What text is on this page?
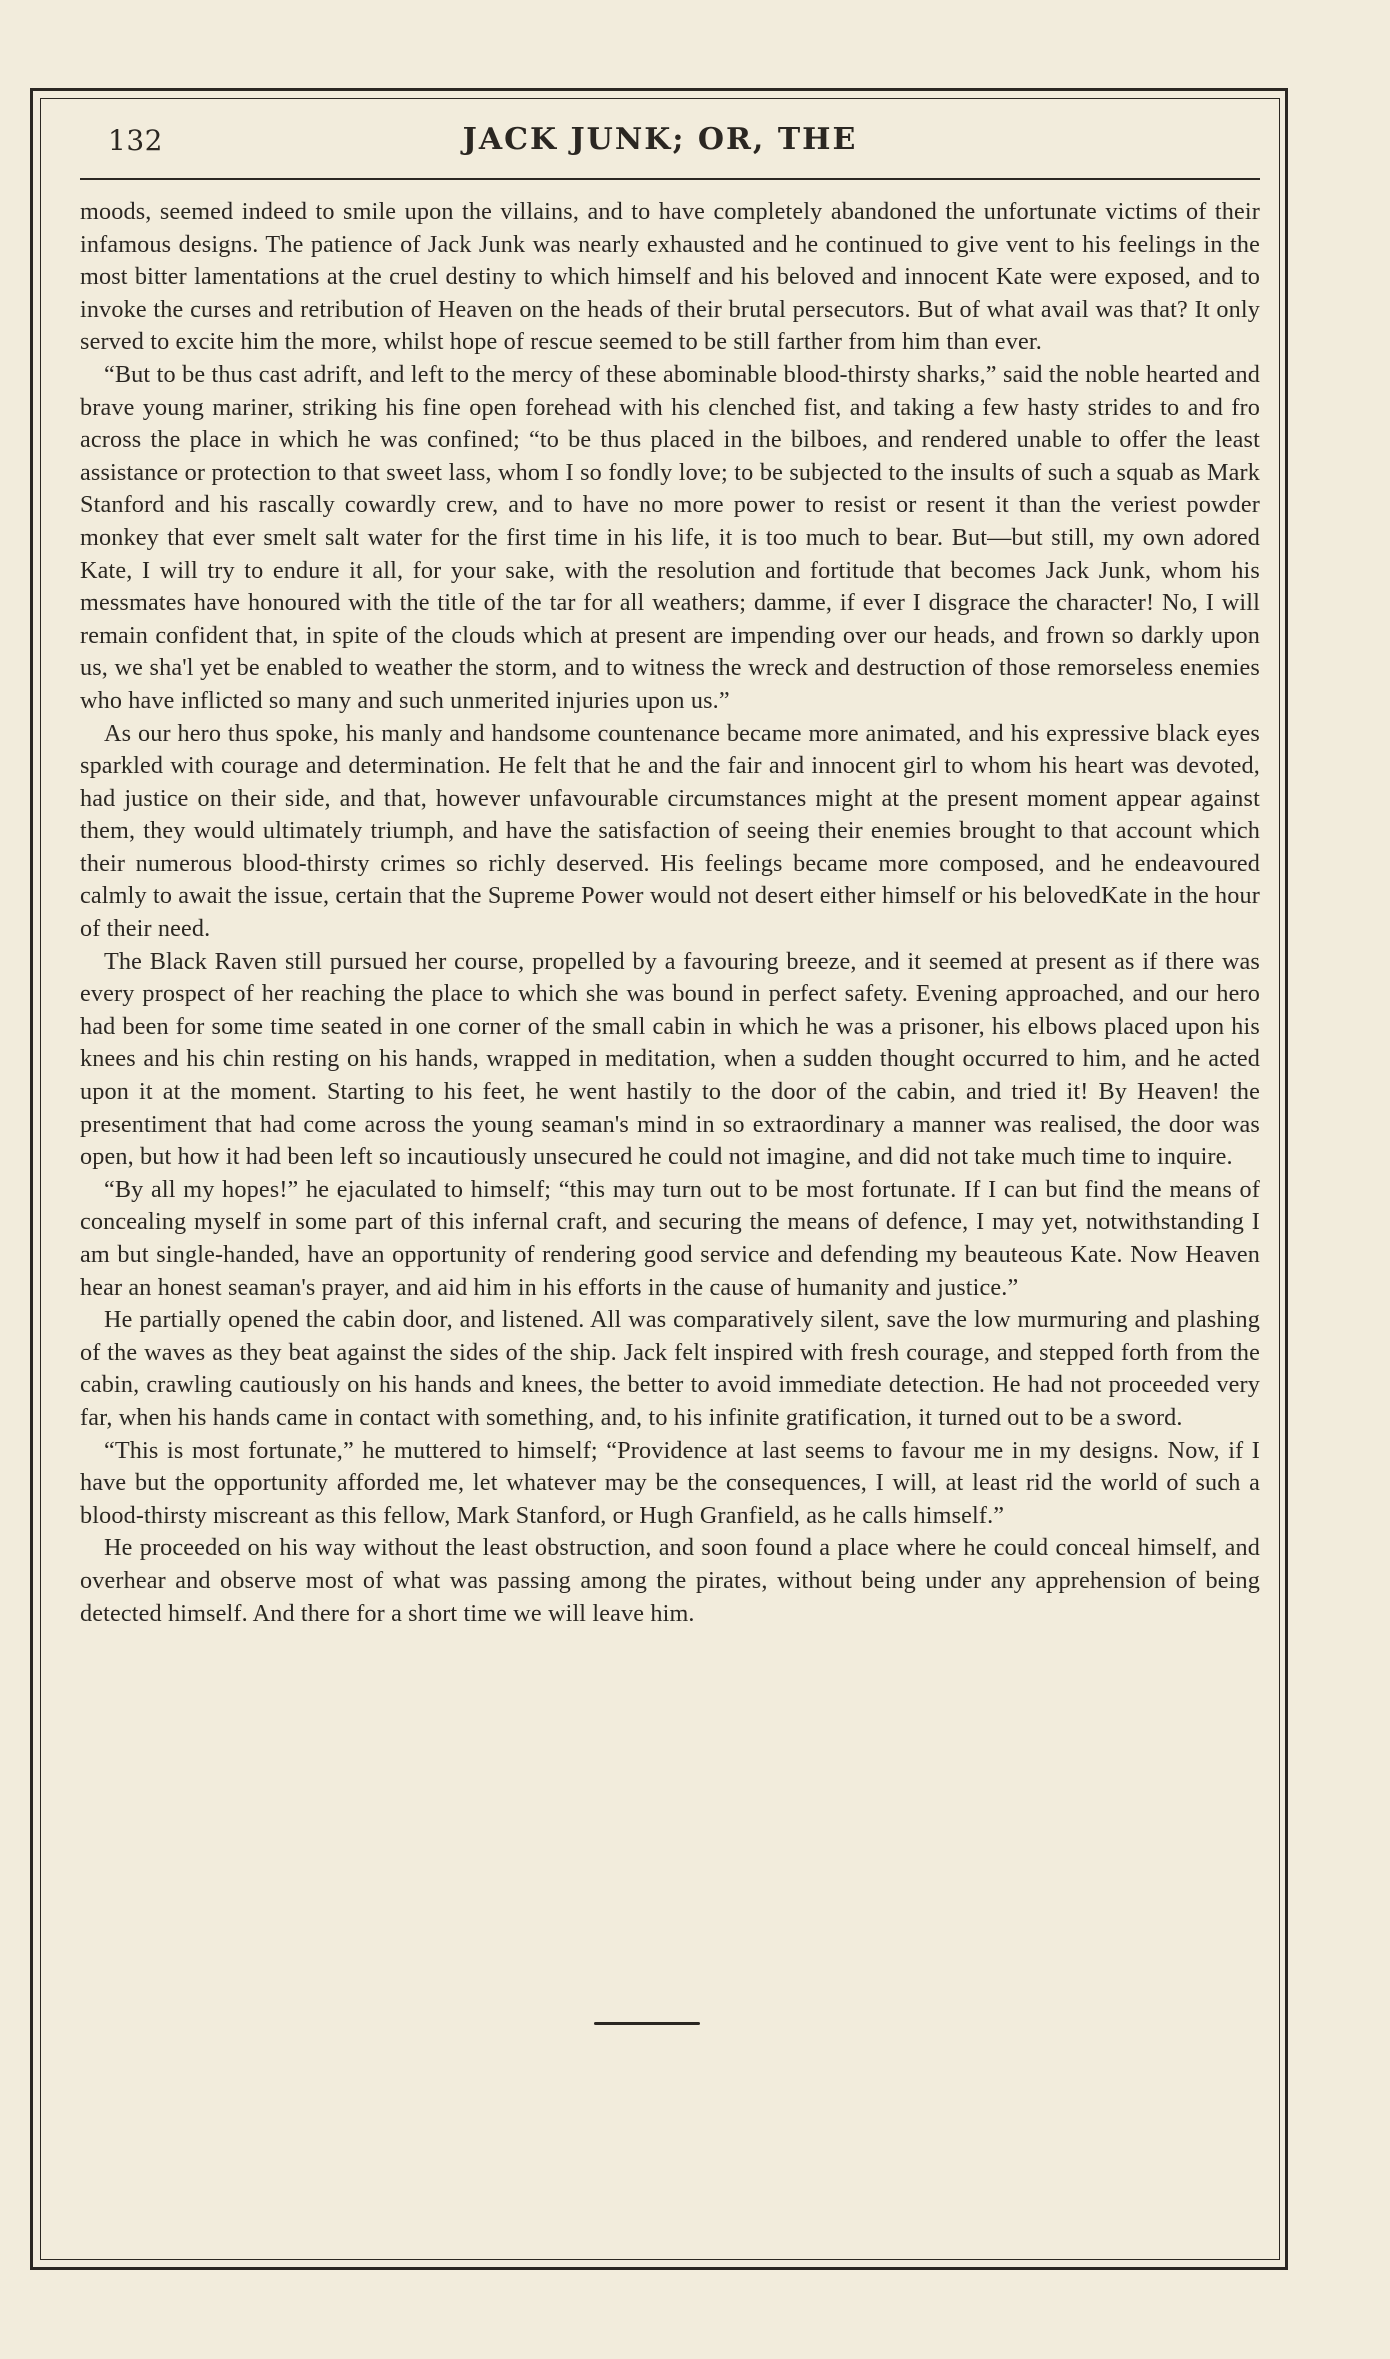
132	JACK JUNK; OR, THE

moods, seemed indeed to smile upon the villains, and to have completely abandoned the unfortunate victims of their infamous designs. The patience of Jack Junk was nearly exhausted and he continued to give vent to his feelings in the most bitter lamentations at the cruel destiny to which himself and his beloved and innocent Kate were exposed, and to invoke the curses and retribution of Heaven on the heads of their brutal persecutors. But of what avail was that? It only served to excite him the more, whilst hope of rescue seemed to be still farther from him than ever.

“But to be thus cast adrift, and left to the mercy of these abominable blood-thirsty sharks,” said the noble hearted and brave young mariner, striking his fine open forehead with his clenched fist, and taking a few hasty strides to and fro across the place in which he was confined; “to be thus placed in the bilboes, and rendered unable to offer the least assistance or protection to that sweet lass, whom I so fondly love; to be subjected to the insults of such a squab as Mark Stanford and his rascally cowardly crew, and to have no more power to resist or resent it than the veriest powder monkey that ever smelt salt water for the first time in his life, it is too much to bear. But—but still, my own adored Kate, I will try to endure it all, for your sake, with the resolution and fortitude that becomes Jack Junk, whom his messmates have honoured with the title of the tar for all weathers; damme, if ever I disgrace the character! No, I will remain confident that, in spite of the clouds which at present are impending over our heads, and frown so darkly upon us, we sha'l yet be enabled to weather the storm, and to witness the wreck and destruction of those remorseless enemies who have inflicted so many and such unmerited injuries upon us.”

As our hero thus spoke, his manly and handsome countenance became more animated, and his expressive black eyes sparkled with courage and determination. He felt that he and the fair and innocent girl to whom his heart was devoted, had justice on their side, and that, however unfavourable circumstances might at the present moment appear against them, they would ultimately triumph, and have the satisfaction of seeing their enemies brought to that account which their numerous blood-thirsty crimes so richly deserved. His feelings became more composed, and he endeavoured calmly to await the issue, certain that the Supreme Power would not desert either himself or his belovedKate in the hour of their need.

The Black Raven still pursued her course, propelled by a favouring breeze, and it seemed at present as if there was every prospect of her reaching the place to which she was bound in perfect safety. Evening approached, and our hero had been for some time seated in one corner of the small cabin in which he was a prisoner, his elbows placed upon his knees and his chin resting on his hands, wrapped in meditation, when a sudden thought occurred to him, and he acted upon it at the moment. Starting to his feet, he went hastily to the door of the cabin, and tried it! By Heaven! the presentiment that had come across the young seaman's mind in so extraordinary a manner was realised, the door was open, but how it had been left so incautiously unsecured he could not imagine, and did not take much time to inquire.

“By all my hopes!” he ejaculated to himself; “this may turn out to be most fortunate. If I can but find the means of concealing myself in some part of this infernal craft, and securing the means of defence, I may yet, notwithstanding I am but single-handed, have an opportunity of rendering good service and defending my beauteous Kate. Now Heaven hear an honest seaman's prayer, and aid him in his efforts in the cause of humanity and justice.”

He partially opened the cabin door, and listened. All was comparatively silent, save the low murmuring and plashing of the waves as they beat against the sides of the ship. Jack felt inspired with fresh courage, and stepped forth from the cabin, crawling cautiously on his hands and knees, the better to avoid immediate detection. He had not proceeded very far, when his hands came in contact with something, and, to his infinite gratification, it turned out to be a sword.

“This is most fortunate,” he muttered to himself; “Providence at last seems to favour me in my designs. Now, if I have but the opportunity afforded me, let whatever may be the consequences, I will, at least rid the world of such a blood-thirsty miscreant as this fellow, Mark Stanford, or Hugh Granfield, as he calls himself.”

He proceeded on his way without the least obstruction, and soon found a place where he could conceal himself, and overhear and observe most of what was passing among the pirates, without being under any apprehension of being detected himself. And there for a short time we will leave him.
